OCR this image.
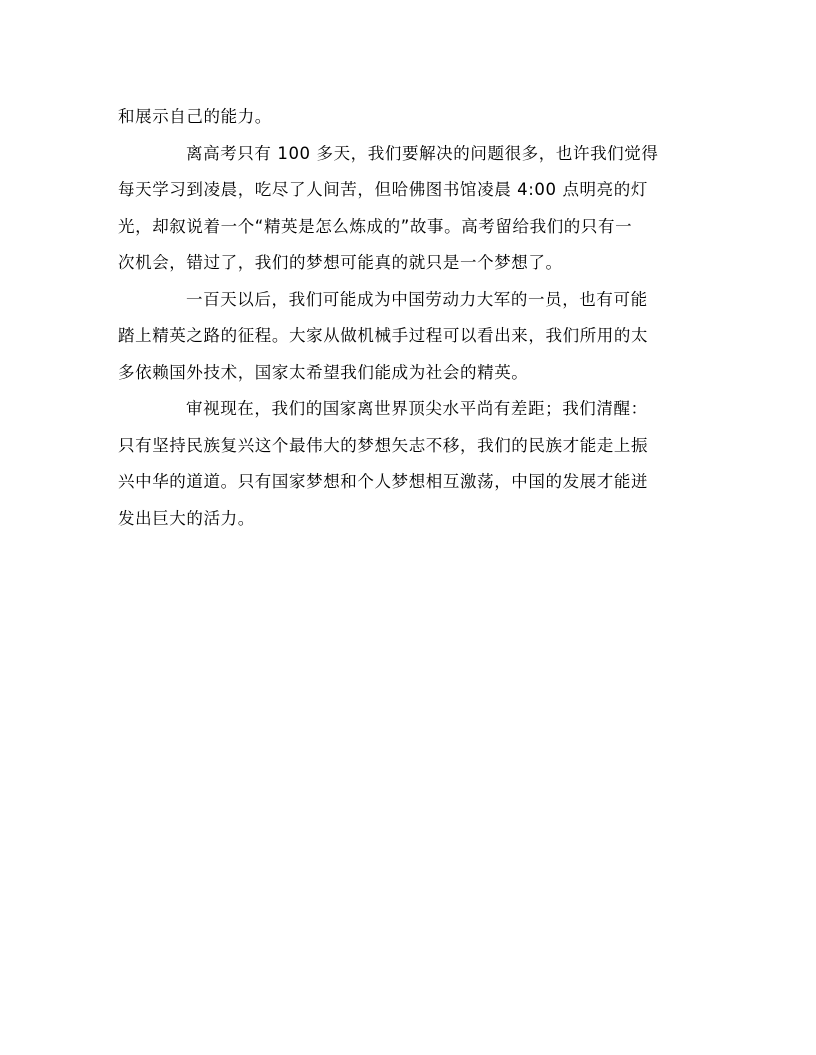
和展示自己的能力。
离高考只有 100 多天，我们要解决的问题很多，也许我们觉得
每天学习到凌晨，吃尽了人间苦，但哈佛图书馆凌晨 4:00 点明亮的灯
光，却叙说着一个“精英是怎么炼成的”故事。高考留给我们的只有一
次机会，错过了，我们的梦想可能真的就只是一个梦想了。
一百天以后，我们可能成为中国劳动力大军的一员，也有可能
踏上精英之路的征程。大家从做机械手过程可以看出来，我们所用的太
多依赖国外技术，国家太希望我们能成为社会的精英。
审视现在，我们的国家离世界顶尖水平尚有差距；我们清醒：
只有坚持民族复兴这个最伟大的梦想矢志不移，我们的民族才能走上振
兴中华的道道。只有国家梦想和个人梦想相互激荡，中国的发展才能迸
发出巨大的活力。
